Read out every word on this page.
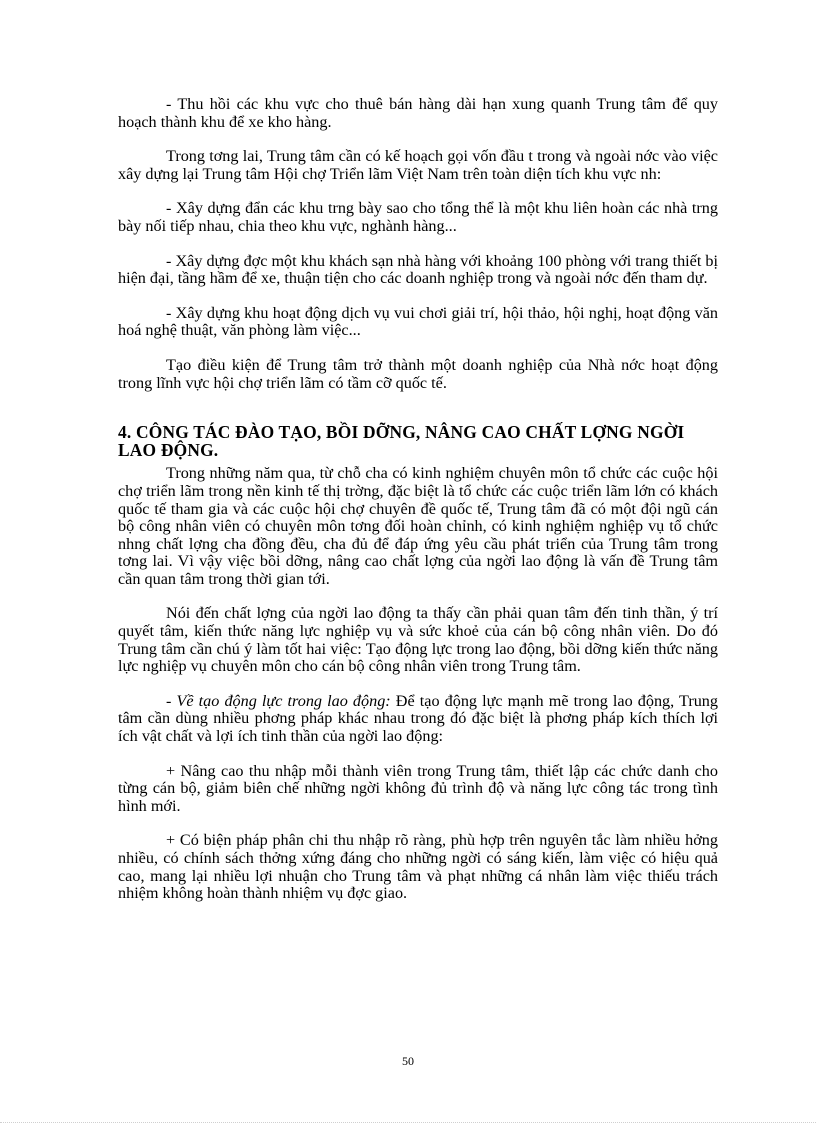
- Thu hồi các khu vực cho thuê bán hàng dài hạn xung quanh Trung tâm để quy hoạch thành khu để xe kho hàng.

Trong tơng lai, Trung tâm cần có kế hoạch gọi vốn đầu t trong và ngoài nớc vào việc xây dựng lại Trung tâm Hội chợ Triển lãm Việt Nam trên toàn diện tích khu vực nh:

- Xây dựng đẩn các khu trng bày sao cho tổng thể là một khu liên hoàn các nhà trng bày nối tiếp nhau, chia theo khu vực, nghành hàng...

- Xây dựng đợc một khu khách sạn nhà hàng với khoảng 100 phòng với trang thiết bị hiện đại, tầng hầm để xe, thuận tiện cho các doanh nghiệp trong và ngoài nớc đến tham dự.

- Xây dựng khu hoạt động dịch vụ vui chơi giải trí, hội thảo, hội nghị, hoạt động văn hoá nghệ thuật, văn phòng làm việc...

Tạo điều kiện để Trung tâm trở thành một doanh nghiệp của Nhà nớc hoạt động trong lĩnh vực hội chợ triển lãm có tầm cỡ quốc tế.

4. CÔNG TÁC ĐÀO TẠO, BỒI DỠNG, NÂNG CAO CHẤT LỢNG NGỜI LAO ĐỘNG.

Trong những năm qua, từ chỗ cha có kinh nghiệm chuyên môn tổ chức các cuộc hội chợ triển lãm trong nền kinh tế thị trờng, đặc biệt là tổ chức các cuộc triển lãm lớn có khách quốc tế tham gia và các cuộc hội chợ chuyên đề quốc tế, Trung tâm đã có một đội ngũ cán bộ công nhân viên có chuyên môn tơng đối hoàn chỉnh, có kinh nghiệm nghiệp vụ tổ chức nhng chất lợng cha đồng đều, cha đủ để đáp ứng yêu cầu phát triển của Trung tâm trong tơng lai. Vì vậy việc bồi dỡng, nâng cao chất lợng của ngời lao động là vấn đề Trung tâm cần quan tâm trong thời gian tới.

Nói đến chất lợng của ngời lao động ta thấy cần phải quan tâm đến tinh thần, ý trí quyết tâm, kiến thức năng lực nghiệp vụ và sức khoẻ của cán bộ công nhân viên. Do đó Trung tâm cần chú ý làm tốt hai việc: Tạo động lực trong lao động, bồi dỡng kiến thức năng lực nghiệp vụ chuyên môn cho cán bộ công nhân viên trong Trung tâm.

- Về tạo động lực trong lao động: Để tạo động lực mạnh mẽ trong lao động, Trung tâm cần dùng nhiều phơng pháp khác nhau trong đó đặc biệt là phơng pháp kích thích lợi ích vật chất và lợi ích tinh thần của ngời lao động:

+ Nâng cao thu nhập mỗi thành viên trong Trung tâm, thiết lập các chức danh cho từng cán bộ, giảm biên chế những ngời không đủ trình độ và năng lực công tác trong tình hình mới.

+ Có biện pháp phân chi thu nhập rõ ràng, phù hợp trên nguyên tắc làm nhiều hởng nhiều, có chính sách thởng xứng đáng cho những ngời có sáng kiến, làm việc có hiệu quả cao, mang lại nhiều lợi nhuận cho Trung tâm và phạt những cá nhân làm việc thiếu trách nhiệm không hoàn thành nhiệm vụ đợc giao.

50
